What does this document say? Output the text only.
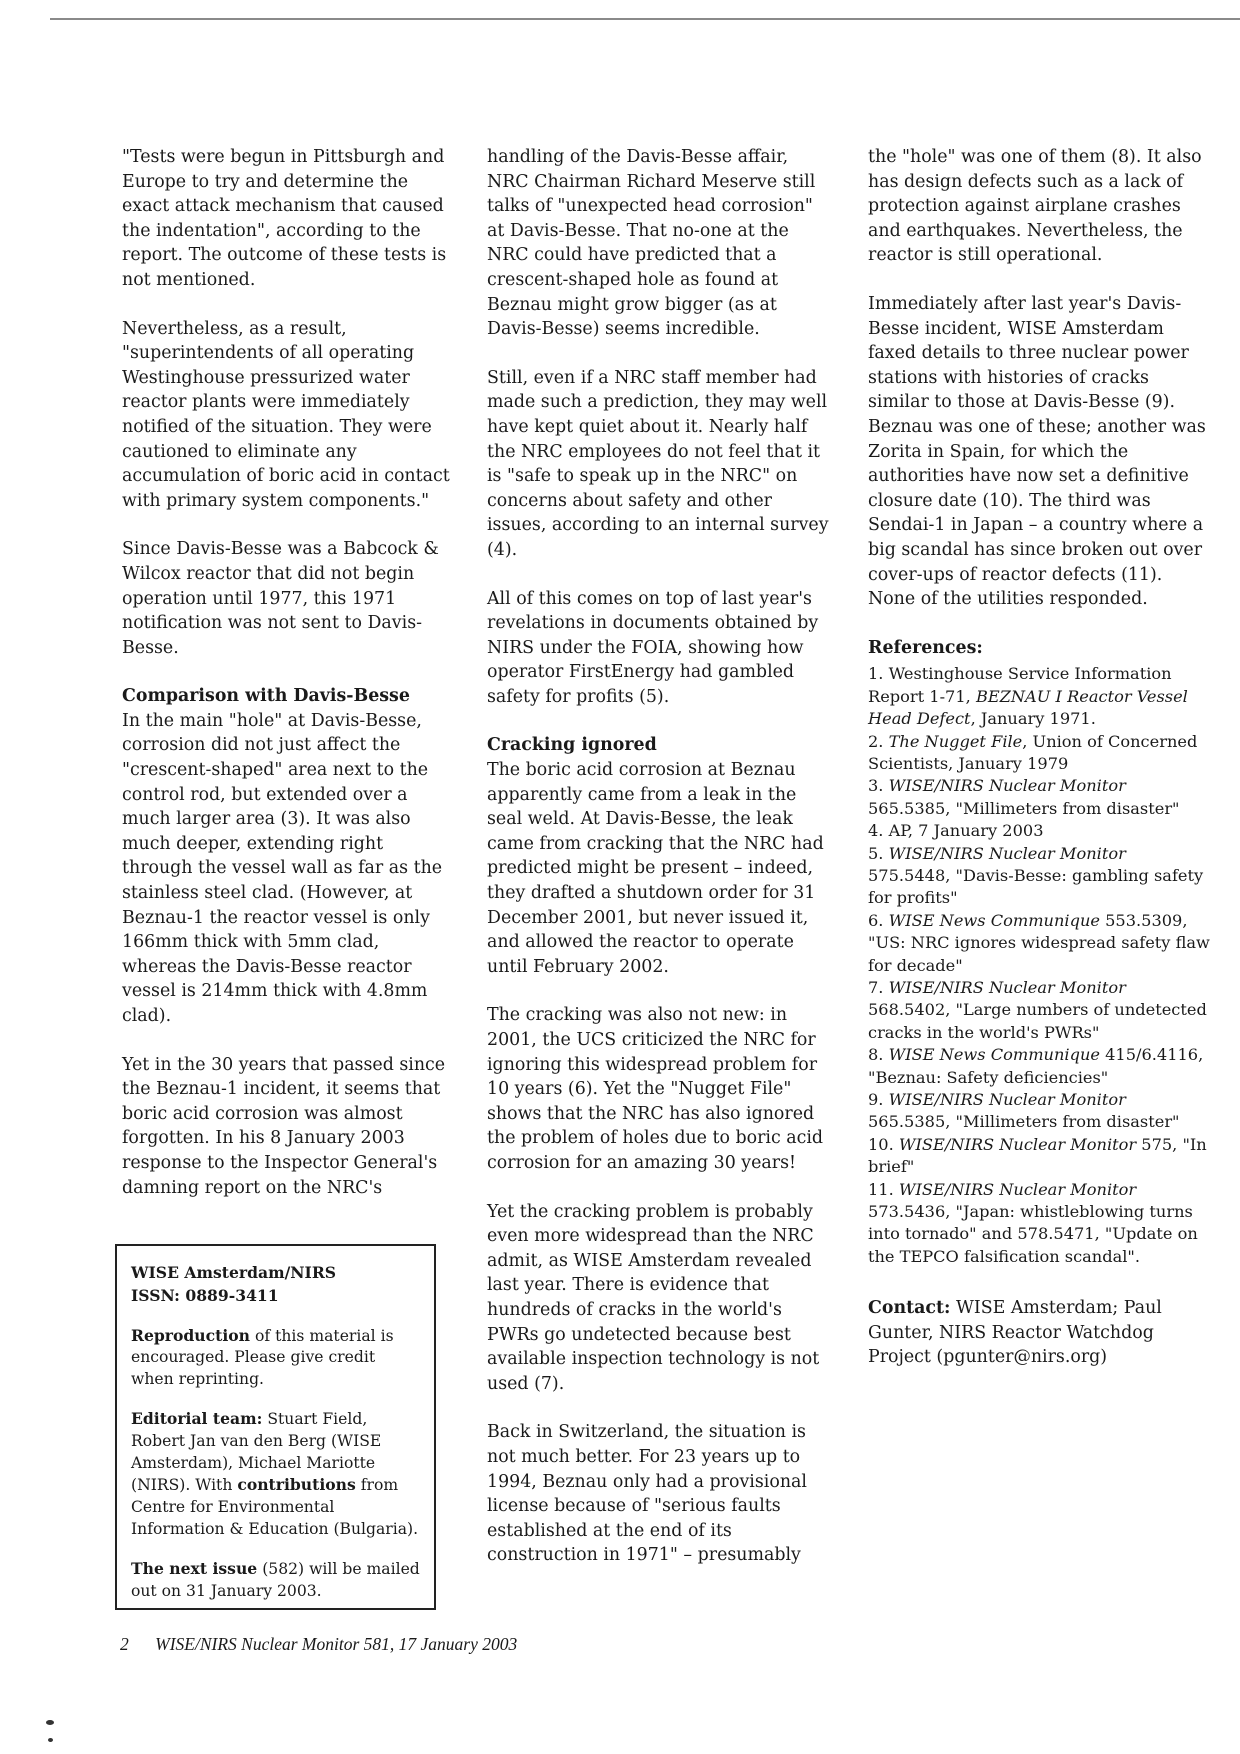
"Tests were begun in Pittsburgh and Europe to try and determine the exact attack mechanism that caused the indentation", according to the report. The outcome of these tests is not mentioned.

Nevertheless, as a result, "superintendents of all operating Westinghouse pressurized water reactor plants were immediately notified of the situation. They were cautioned to eliminate any accumulation of boric acid in contact with primary system components."

Since Davis-Besse was a Babcock & Wilcox reactor that did not begin operation until 1977, this 1971 notification was not sent to Davis-Besse.

Comparison with Davis-Besse

In the main "hole" at Davis-Besse, corrosion did not just affect the "crescent-shaped" area next to the control rod, but extended over a much larger area (3). It was also much deeper, extending right through the vessel wall as far as the stainless steel clad. (However, at Beznau-1 the reactor vessel is only 166mm thick with 5mm clad, whereas the Davis-Besse reactor vessel is 214mm thick with 4.8mm clad).

Yet in the 30 years that passed since the Beznau-1 incident, it seems that boric acid corrosion was almost forgotten. In his 8 January 2003 response to the Inspector General's damning report on the NRC's

WISE Amsterdam/NIRS
ISSN: 0889-3411

Reproduction of this material is encouraged. Please give credit when reprinting.

Editorial team: Stuart Field, Robert Jan van den Berg (WISE Amsterdam), Michael Mariotte (NIRS). With contributions from Centre for Environmental Information & Education (Bulgaria).

The next issue (582) will be mailed out on 31 January 2003.

handling of the Davis-Besse affair, NRC Chairman Richard Meserve still talks of "unexpected head corrosion" at Davis-Besse. That no-one at the NRC could have predicted that a crescent-shaped hole as found at Beznau might grow bigger (as at Davis-Besse) seems incredible.

Still, even if a NRC staff member had made such a prediction, they may well have kept quiet about it. Nearly half the NRC employees do not feel that it is "safe to speak up in the NRC" on concerns about safety and other issues, according to an internal survey (4).

All of this comes on top of last year's revelations in documents obtained by NIRS under the FOIA, showing how operator FirstEnergy had gambled safety for profits (5).

Cracking ignored

The boric acid corrosion at Beznau apparently came from a leak in the seal weld. At Davis-Besse, the leak came from cracking that the NRC had predicted might be present – indeed, they drafted a shutdown order for 31 December 2001, but never issued it, and allowed the reactor to operate until February 2002.

The cracking was also not new: in 2001, the UCS criticized the NRC for ignoring this widespread problem for 10 years (6). Yet the "Nugget File" shows that the NRC has also ignored the problem of holes due to boric acid corrosion for an amazing 30 years!

Yet the cracking problem is probably even more widespread than the NRC admit, as WISE Amsterdam revealed last year. There is evidence that hundreds of cracks in the world's PWRs go undetected because best available inspection technology is not used (7).

Back in Switzerland, the situation is not much better. For 23 years up to 1994, Beznau only had a provisional license because of "serious faults established at the end of its construction in 1971" – presumably

the "hole" was one of them (8). It also has design defects such as a lack of protection against airplane crashes and earthquakes. Nevertheless, the reactor is still operational.

Immediately after last year's Davis-Besse incident, WISE Amsterdam faxed details to three nuclear power stations with histories of cracks similar to those at Davis-Besse (9). Beznau was one of these; another was Zorita in Spain, for which the authorities have now set a definitive closure date (10). The third was Sendai-1 in Japan – a country where a big scandal has since broken out over cover-ups of reactor defects (11). None of the utilities responded.

References:
1. Westinghouse Service Information Report 1-71, BEZNAU I Reactor Vessel Head Defect, January 1971.
2. The Nugget File, Union of Concerned Scientists, January 1979
3. WISE/NIRS Nuclear Monitor 565.5385, "Millimeters from disaster"
4. AP, 7 January 2003
5. WISE/NIRS Nuclear Monitor 575.5448, "Davis-Besse: gambling safety for profits"
6. WISE News Communique 553.5309, "US: NRC ignores widespread safety flaw for decade"
7. WISE/NIRS Nuclear Monitor 568.5402, "Large numbers of undetected cracks in the world's PWRs"
8. WISE News Communique 415/6.4116, "Beznau: Safety deficiencies"
9. WISE/NIRS Nuclear Monitor 565.5385, "Millimeters from disaster"
10. WISE/NIRS Nuclear Monitor 575, "In brief"
11. WISE/NIRS Nuclear Monitor 573.5436, "Japan: whistleblowing turns into tornado" and 578.5471, "Update on the TEPCO falsification scandal".
Contact: WISE Amsterdam; Paul Gunter, NIRS Reactor Watchdog Project (pgunter@nirs.org)
2 WISE/NIRS Nuclear Monitor 581, 17 January 2003
